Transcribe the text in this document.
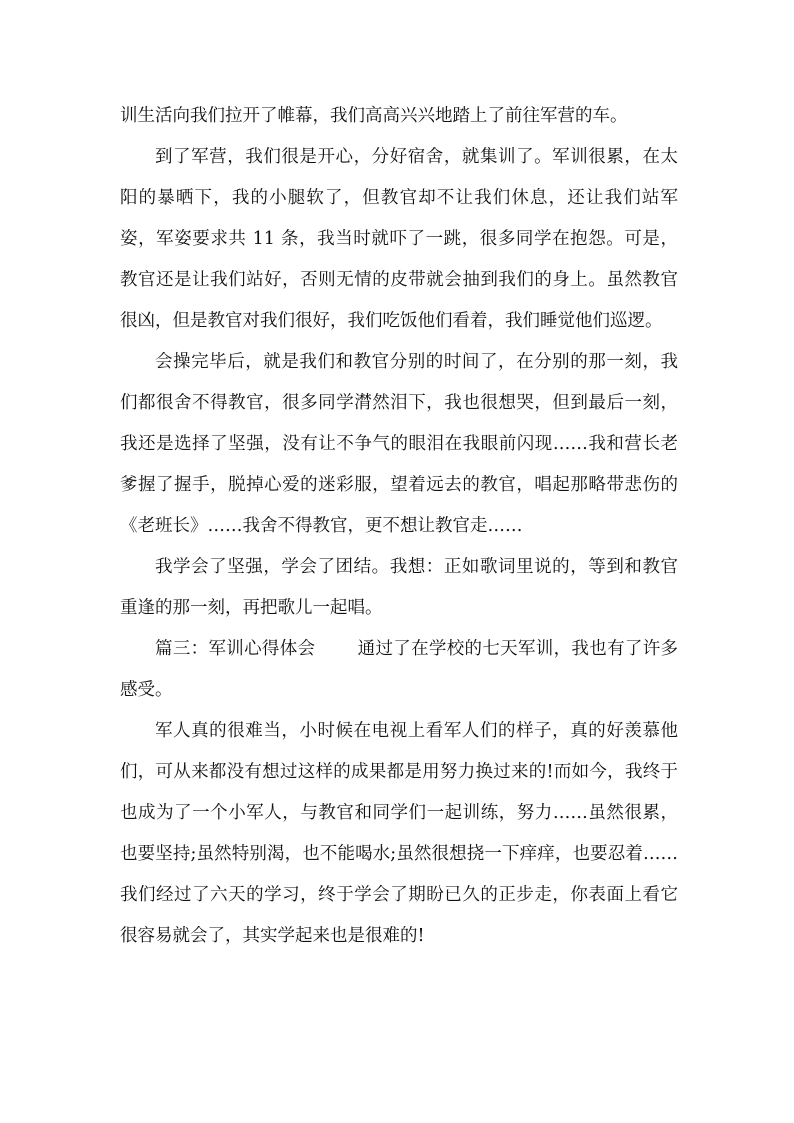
训生活向我们拉开了帷幕，我们高高兴兴地踏上了前往军营的车。

到了军营，我们很是开心，分好宿舍，就集训了。军训很累，在太阳的暴晒下，我的小腿软了，但教官却不让我们休息，还让我们站军姿，军姿要求共 11 条，我当时就吓了一跳，很多同学在抱怨。可是，教官还是让我们站好，否则无情的皮带就会抽到我们的身上。虽然教官很凶，但是教官对我们很好，我们吃饭他们看着，我们睡觉他们巡逻。

会操完毕后，就是我们和教官分别的时间了，在分别的那一刻，我们都很舍不得教官，很多同学潸然泪下，我也很想哭，但到最后一刻，我还是选择了坚强，没有让不争气的眼泪在我眼前闪现……我和营长老爹握了握手，脱掉心爱的迷彩服，望着远去的教官，唱起那略带悲伤的《老班长》……我舍不得教官，更不想让教官走……

我学会了坚强，学会了团结。我想：正如歌词里说的，等到和教官重逢的那一刻，再把歌儿一起唱。

篇三：军训心得体会 通过了在学校的七天军训，我也有了许多感受。

军人真的很难当，小时候在电视上看军人们的样子，真的好羡慕他们，可从来都没有想过这样的成果都是用努力换过来的!而如今，我终于也成为了一个小军人，与教官和同学们一起训练，努力……虽然很累，也要坚持;虽然特别渴，也不能喝水;虽然很想挠一下痒痒，也要忍着……我们经过了六天的学习，终于学会了期盼已久的正步走，你表面上看它很容易就会了，其实学起来也是很难的!
